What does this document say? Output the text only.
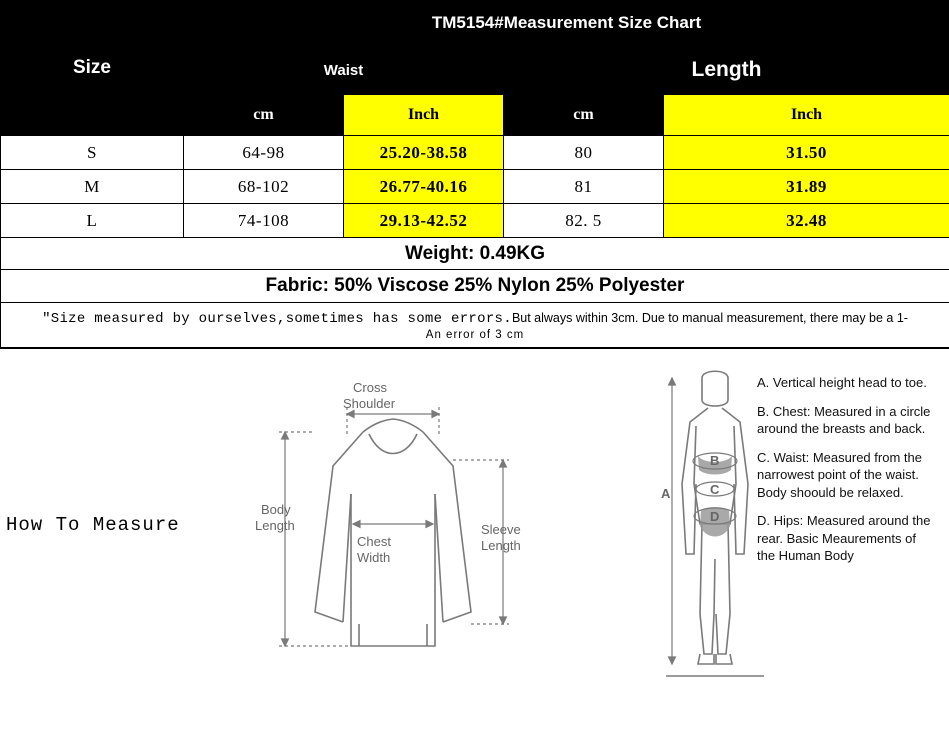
Size	TM5154#Measurement Size Chart			
	Waist		Length	
	cm	Inch	cm	Inch
S	64-98	25.20-38.58	80	31.50
M	68-102	26.77-40.16	81	31.89
L	74-108	29.13-42.52	82. 5	32.48
Weight: 0.49KG				
Fabric: 50% Viscose 25% Nylon 25% Polyester				

"Size measured by ourselves,sometimes has some errors.But always within 3cm. Due to manual measurement, there may be a 1-
An error of 3 cm				
How To Measure
Cross
Shoulder
Body
Length
Chest
Width
Sleeve
Length
A
B
C
D

A. Vertical height head to toe.

B. Chest: Measured in a circle around the breasts and back.

C. Waist: Measured from the narrowest point of the waist. Body shoould be relaxed.

D. Hips: Measured around the rear. Basic Meaurements of the Human Body
